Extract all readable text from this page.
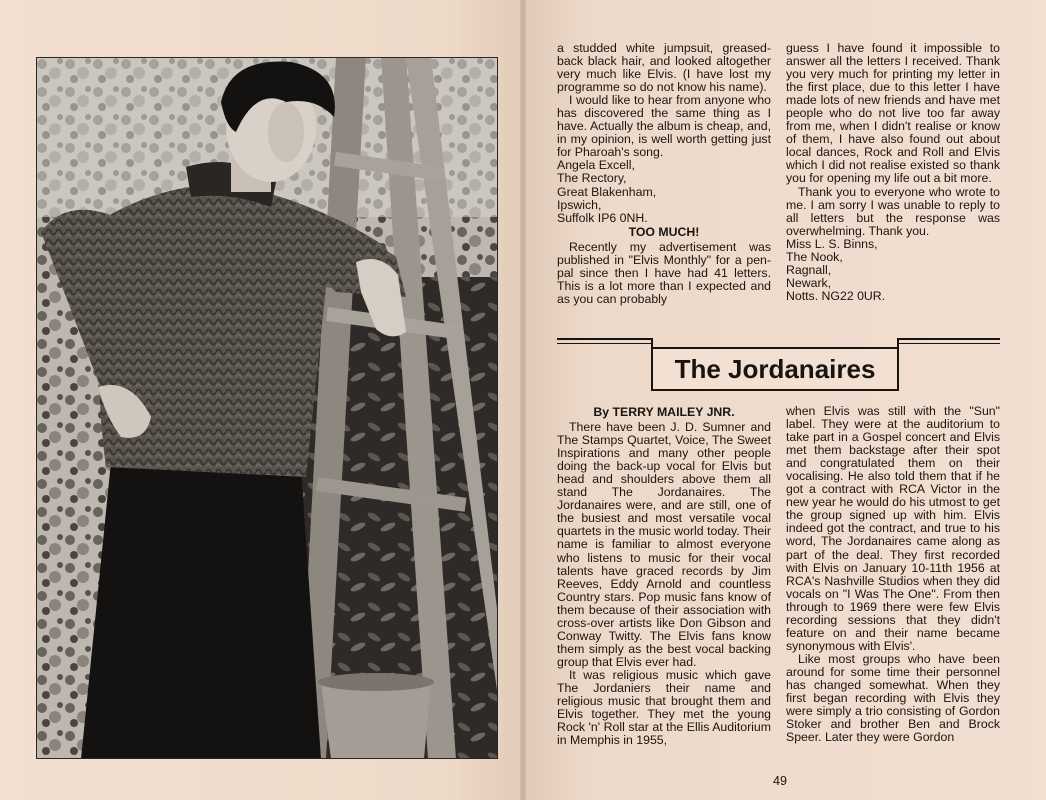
a studded white jumpsuit, greased-back black hair, and looked altogether very much like Elvis. (I have lost my programme so do not know his name).

I would like to hear from anyone who has discovered the same thing as I have. Actually the album is cheap, and, in my opinion, is well worth getting just for Pharoah's song.

Angela Excell,

The Rectory,

Great Blakenham,

Ipswich,

Suffolk IP6 0NH.

TOO MUCH!

Recently my advertisement was published in "Elvis Monthly" for a pen-pal since then I have had 41 letters. This is a lot more than I expected and as you can probably

guess I have found it impossible to answer all the letters I received. Thank you very much for printing my letter in the first place, due to this letter I have made lots of new friends and have met people who do not live too far away from me, when I didn't realise or know of them, I have also found out about local dances, Rock and Roll and Elvis which I did not realise existed so thank you for opening my life out a bit more.

Thank you to everyone who wrote to me. I am sorry I was unable to reply to all letters but the response was overwhelming. Thank you.

Miss L. S. Binns,

The Nook,

Ragnall,

Newark,

Notts. NG22 0UR.

The Jordanaires

By TERRY MAILEY JNR.

There have been J. D. Sumner and The Stamps Quartet, Voice, The Sweet Inspirations and many other people doing the back-up vocal for Elvis but head and shoulders above them all stand The Jordanaires. The Jordanaires were, and are still, one of the busiest and most versatile vocal quartets in the music world today. Their name is familiar to almost everyone who listens to music for their vocal talents have graced records by Jim Reeves, Eddy Arnold and countless Country stars. Pop music fans know of them because of their association with cross-over artists like Don Gibson and Conway Twitty. The Elvis fans know them simply as the best vocal backing group that Elvis ever had.

It was religious music which gave The Jordaniers their name and religious music that brought them and Elvis together. They met the young Rock 'n' Roll star at the Ellis Auditorium in Memphis in 1955,

when Elvis was still with the "Sun" label. They were at the auditorium to take part in a Gospel concert and Elvis met them backstage after their spot and congratulated them on their vocalising. He also told them that if he got a contract with RCA Victor in the new year he would do his utmost to get the group signed up with him. Elvis indeed got the contract, and true to his word, The Jordanaires came along as part of the deal. They first recorded with Elvis on January 10-11th 1956 at RCA's Nashville Studios when they did vocals on "I Was The One". From then through to 1969 there were few Elvis recording sessions that they didn't feature on and their name became synonymous with Elvis'.

Like most groups who have been around for some time their personnel has changed somewhat. When they first began recording with Elvis they were simply a trio consisting of Gordon Stoker and brother Ben and Brock Speer. Later they were Gordon

49
